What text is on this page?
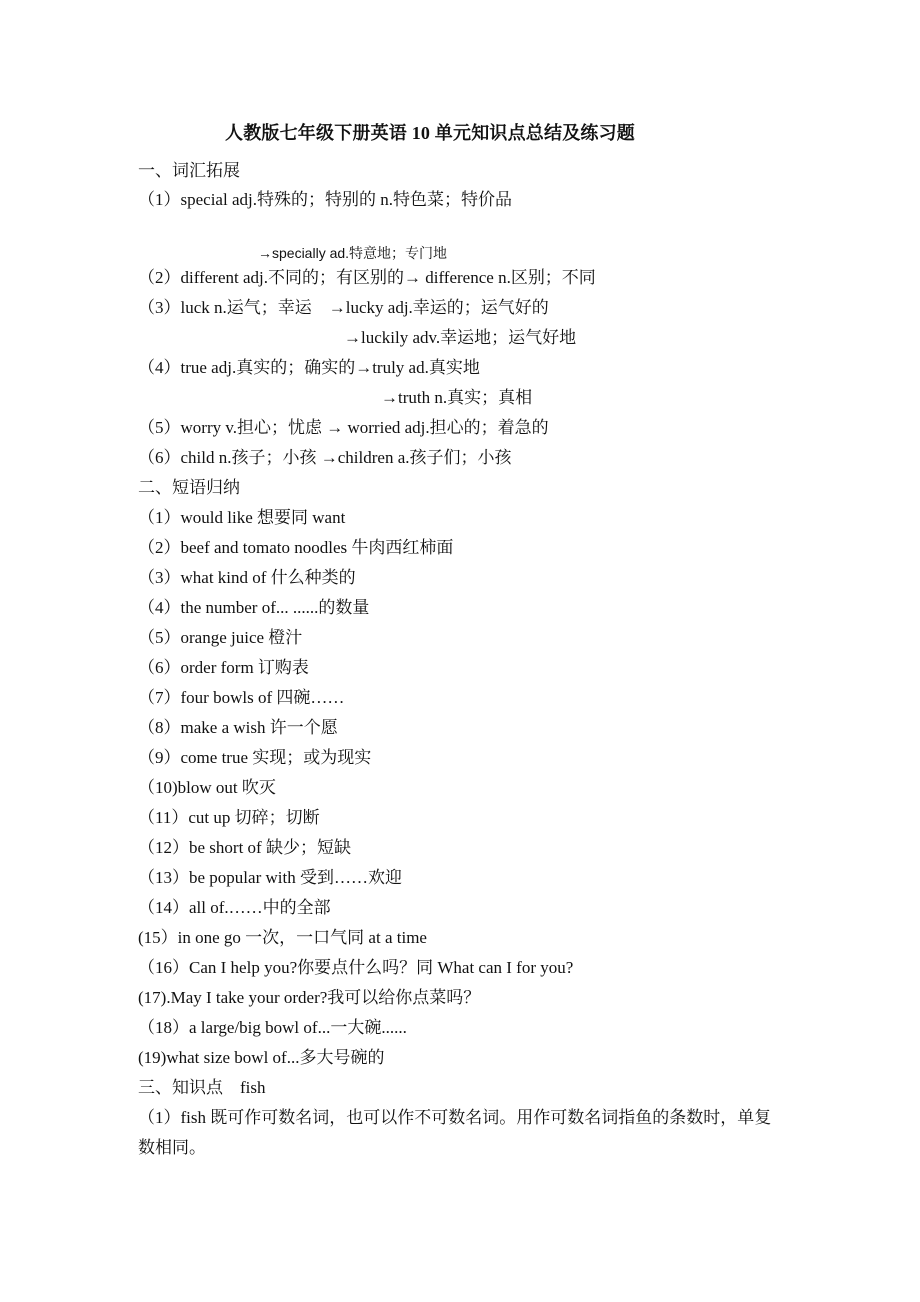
人教版七年级下册英语 10 单元知识点总结及练习题
一、词汇拓展
（1）special adj.特殊的；特别的 n.特色菜；特价品
→specially ad.特意地；专门地
（2）different adj.不同的；有区别的→ difference n.区别；不同
（3）luck n.运气；幸运　→lucky adj.幸运的；运气好的
→luckily adv.幸运地；运气好地
（4）true adj.真实的；确实的→truly ad.真实地
→truth n.真实；真相
（5）worry v.担心；忧虑 → worried adj.担心的；着急的
（6）child n.孩子；小孩 →children a.孩子们；小孩
二、短语归纳
（1）would like 想要同 want
（2）beef and tomato noodles 牛肉西红柿面
（3）what kind of 什么种类的
（4）the number of... ......的数量
（5）orange juice 橙汁
（6）order form 订购表
（7）four bowls of 四碗……
（8）make a wish 许一个愿
（9）come true 实现；或为现实
（10)blow out 吹灭
（11）cut up 切碎；切断
（12）be short of 缺少；短缺
（13）be popular with 受到……欢迎
（14）all of.……中的全部
(15）in one go 一次，一口气同 at a time
（16）Can I help you?你要点什么吗？同 What can I for you?
(17).May I take your order?我可以给你点菜吗？
（18）a large/big bowl of...一大碗......
(19)what size bowl of...多大号碗的
三、知识点　fish
（1）fish 既可作可数名词，也可以作不可数名词。用作可数名词指鱼的条数时，单复数相同。
